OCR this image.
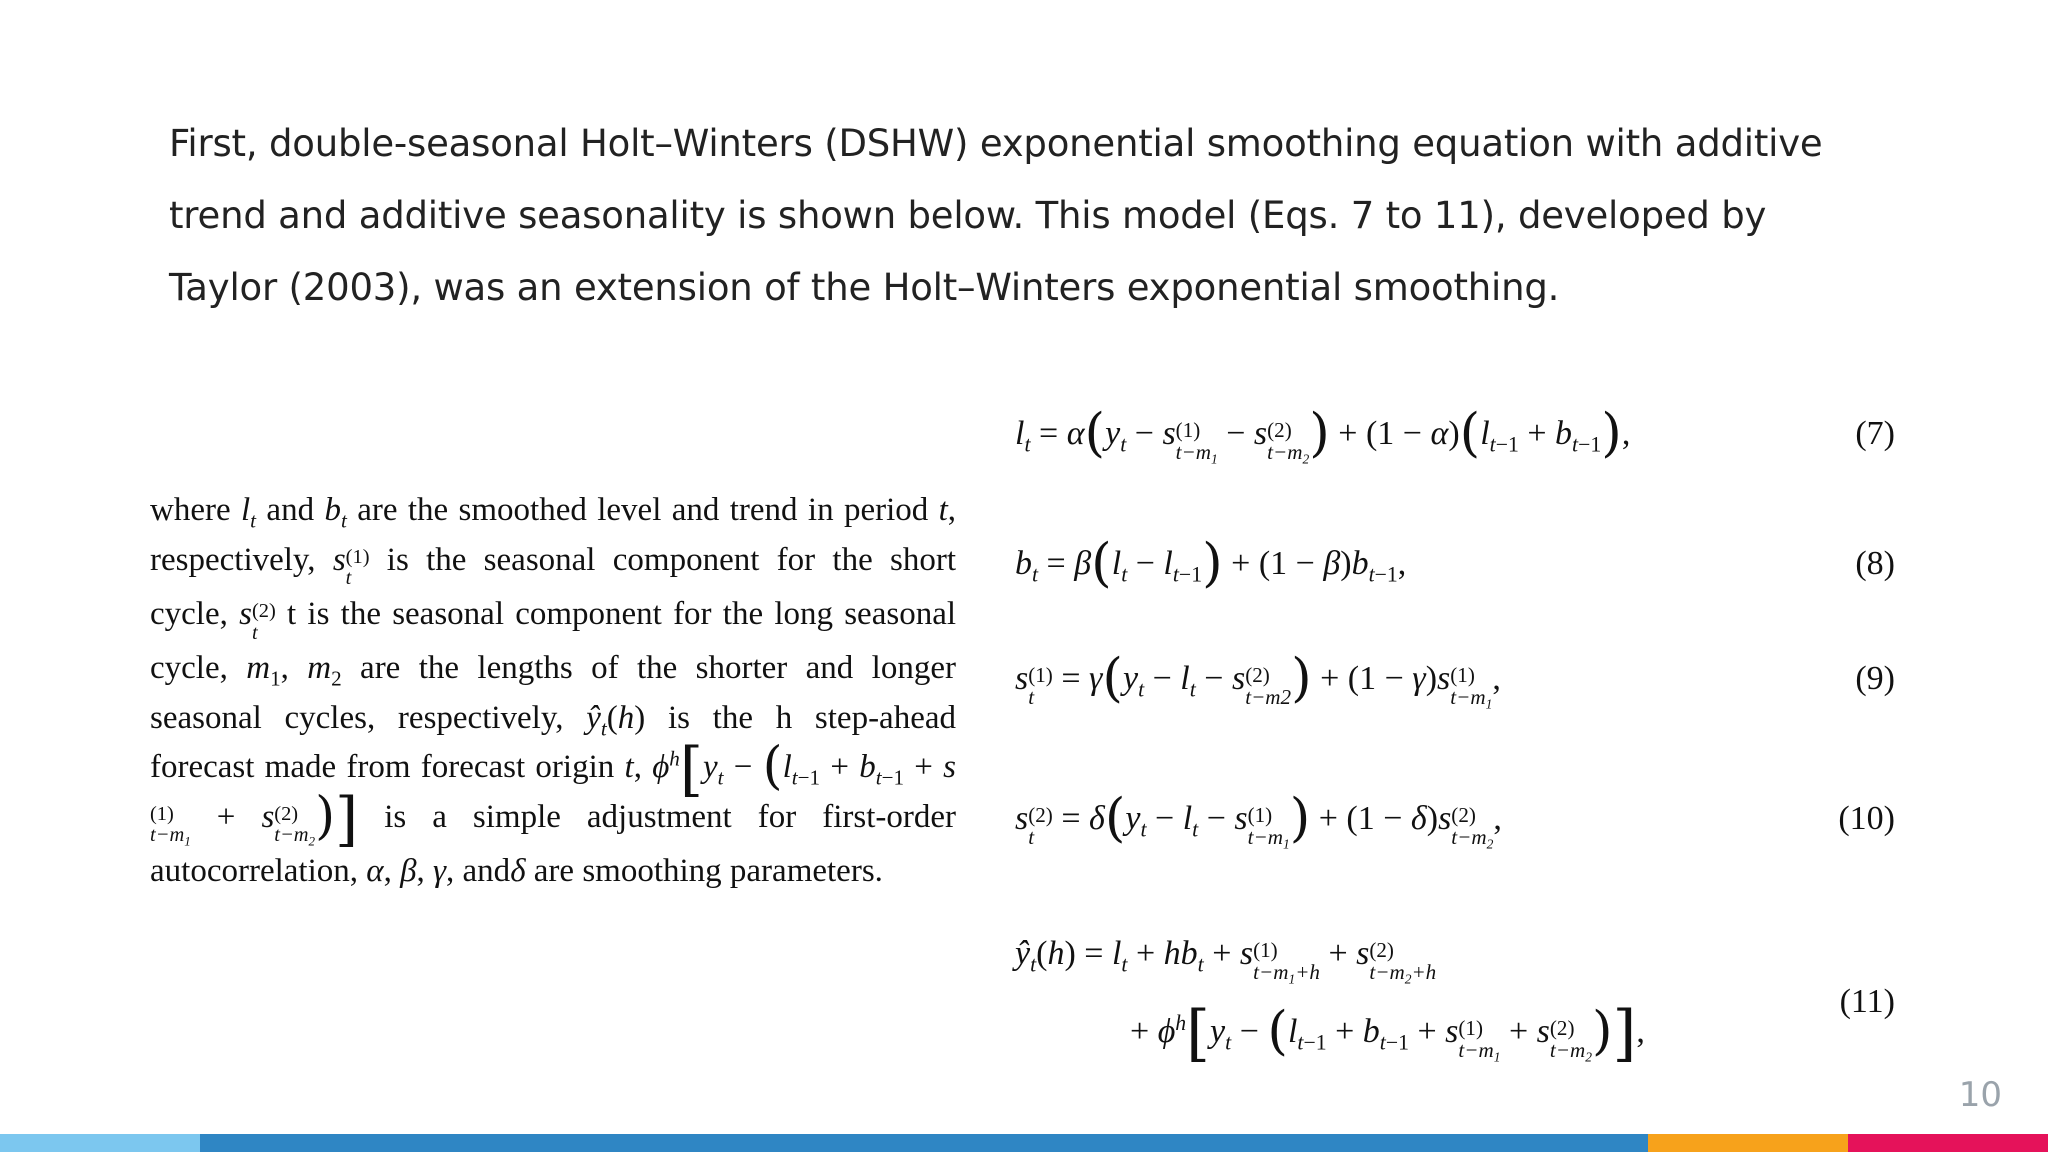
First, double-seasonal Holt–Winters (DSHW) exponential smoothing equation with additive trend and additive seasonality is shown below. This model (Eqs. 7 to 11), developed by Taylor (2003), was an extension of the Holt–Winters exponential smoothing.
where $l_t$ and $b_t$ are the smoothed level and trend in period t, respectively, s (1)
t
is the seasonal component for the short cycle, s (2)
t
t is the seasonal component for the long seasonal cycle, $m_1$, $m_2$ are the lengths of the shorter and longer seasonal cycles, respectively, $ŷ_t(h)$ is the h step-ahead forecast made from forecast origin t, $\phi^h[y_t - (l_{t-1} + b_{t-1} + s$
(1)
$t-m_1$
+ s (2)
$t-m_2$ )] is a simple adjustment for first-order autocorrelation, α, β, γ, andδ are smoothing parameters.
$l_t = \alpha(y_t - s$ (1)
$t-m_1$
− s (2)
$t-m_2$ ) + $(1 - \alpha)(l_{t-1} + b_{t-1})$,	(7)
$b_t = \beta(l_t - l_{t-1}) + (1 - \beta)b_{t-1}$,	(8)
s (1)
t
= $\gamma(y_t - l_t - s$ (2)
t−m2 ) + (1 − γ)s (1)
$t-m_1$
,	(9)
s (2)
t
= $\delta(y_t - l_t - s$ (1)
$t-m_1$ ) + (1 − δ)s (2)
$t-m_2$
,	(10)
$ŷ_t(h) = l_t + hb_t + s$ (1)
$t-m_1+h$
+ s (2)
$t-m_2+h$
+ $\phi^h[y_t - (l_{t-1} + b_{t-1} + s$ (1)
$t-m_1$
+ s (2)
$t-m_2$ )],
(11)
10
